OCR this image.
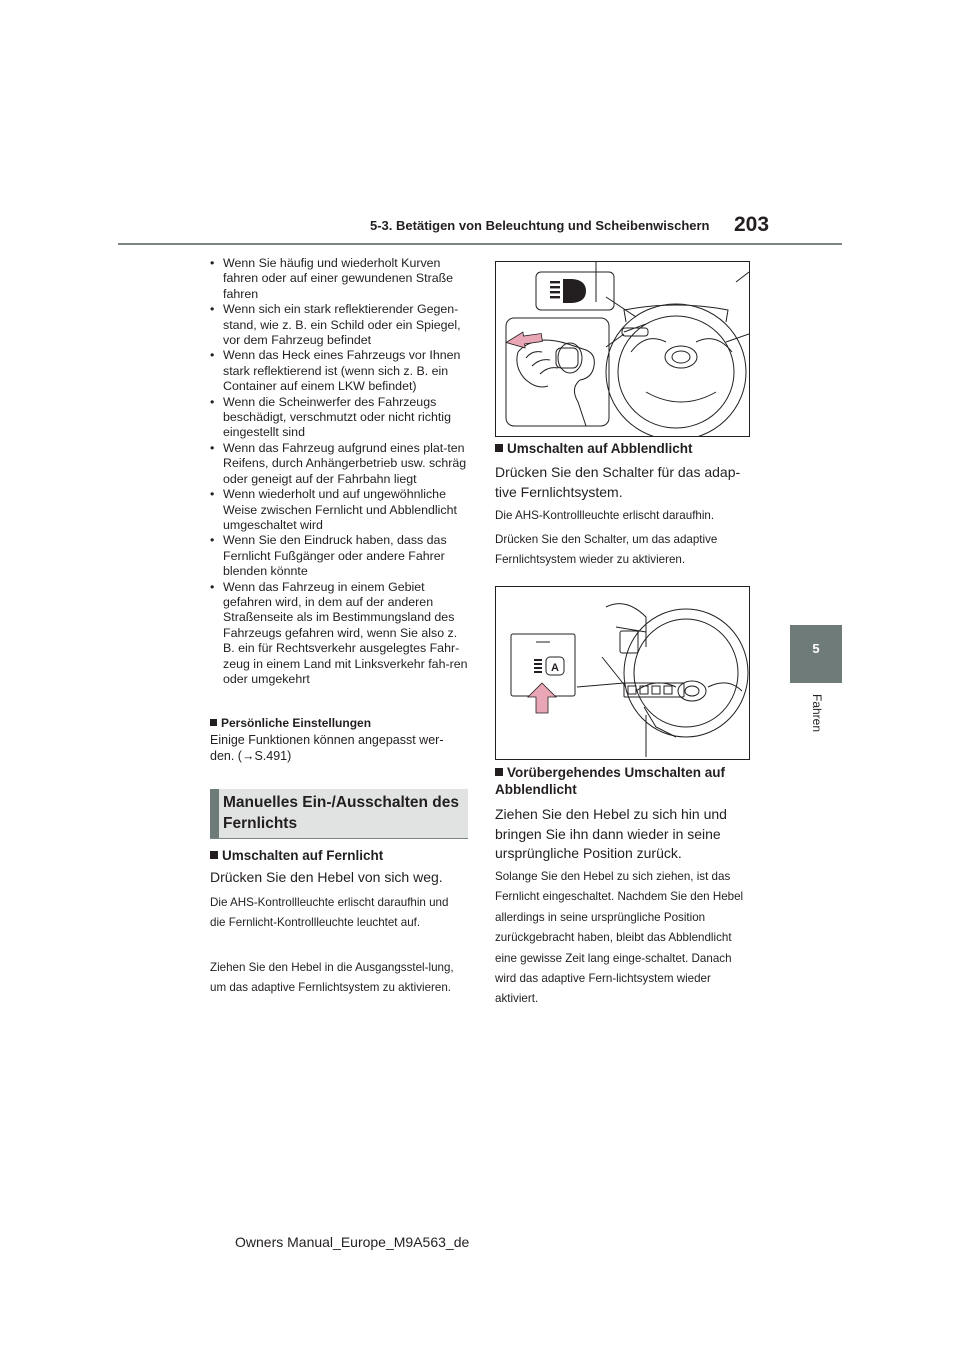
5-3. Betätigen von Beleuchtung und Scheibenwischern 203
5
Fahren
• Wenn Sie häufig und wiederholt Kurven fahren oder auf einer gewundenen Straße fahren
• Wenn sich ein stark reflektierender Gegen-stand, wie z. B. ein Schild oder ein Spiegel, vor dem Fahrzeug befindet
• Wenn das Heck eines Fahrzeugs vor Ihnen stark reflektierend ist (wenn sich z. B. ein Container auf einem LKW befindet)
• Wenn die Scheinwerfer des Fahrzeugs beschädigt, verschmutzt oder nicht richtig eingestellt sind
• Wenn das Fahrzeug aufgrund eines plat-ten Reifens, durch Anhängerbetrieb usw. schräg oder geneigt auf der Fahrbahn liegt
• Wenn wiederholt und auf ungewöhnliche Weise zwischen Fernlicht und Abblendlicht umgeschaltet wird
• Wenn Sie den Eindruck haben, dass das Fernlicht Fußgänger oder andere Fahrer blenden könnte
• Wenn das Fahrzeug in einem Gebiet gefahren wird, in dem auf der anderen Straßenseite als im Bestimmungsland des Fahrzeugs gefahren wird, wenn Sie also z. B. ein für Rechtsverkehr ausgelegtes Fahr-zeug in einem Land mit Linksverkehr fah-ren oder umgekehrt
Persönliche Einstellungen
Einige Funktionen können angepasst wer-den. (→S.491)
Manuelles Ein-/Ausschalten des Fernlichts
Umschalten auf Fernlicht
Drücken Sie den Hebel von sich weg.
Die AHS-Kontrollleuchte erlischt daraufhin und die Fernlicht-Kontrollleuchte leuchtet auf.
Ziehen Sie den Hebel in die Ausgangsstel-lung, um das adaptive Fernlichtsystem zu aktivieren.
Umschalten auf Abblendlicht
Drücken Sie den Schalter für das adap-tive Fernlichtsystem.
Die AHS-Kontrollleuchte erlischt daraufhin.
Drücken Sie den Schalter, um das adaptive Fernlichtsystem wieder zu aktivieren.
A
Vorübergehendes Umschalten auf Abblendlicht
Ziehen Sie den Hebel zu sich hin und bringen Sie ihn dann wieder in seine ursprüngliche Position zurück.
Solange Sie den Hebel zu sich ziehen, ist das Fernlicht eingeschaltet. Nachdem Sie den Hebel allerdings in seine ursprüngliche Position zurückgebracht haben, bleibt das Abblendlicht eine gewisse Zeit lang einge-schaltet. Danach wird das adaptive Fern-lichtsystem wieder aktiviert.
Owners Manual_Europe_M9A563_de
